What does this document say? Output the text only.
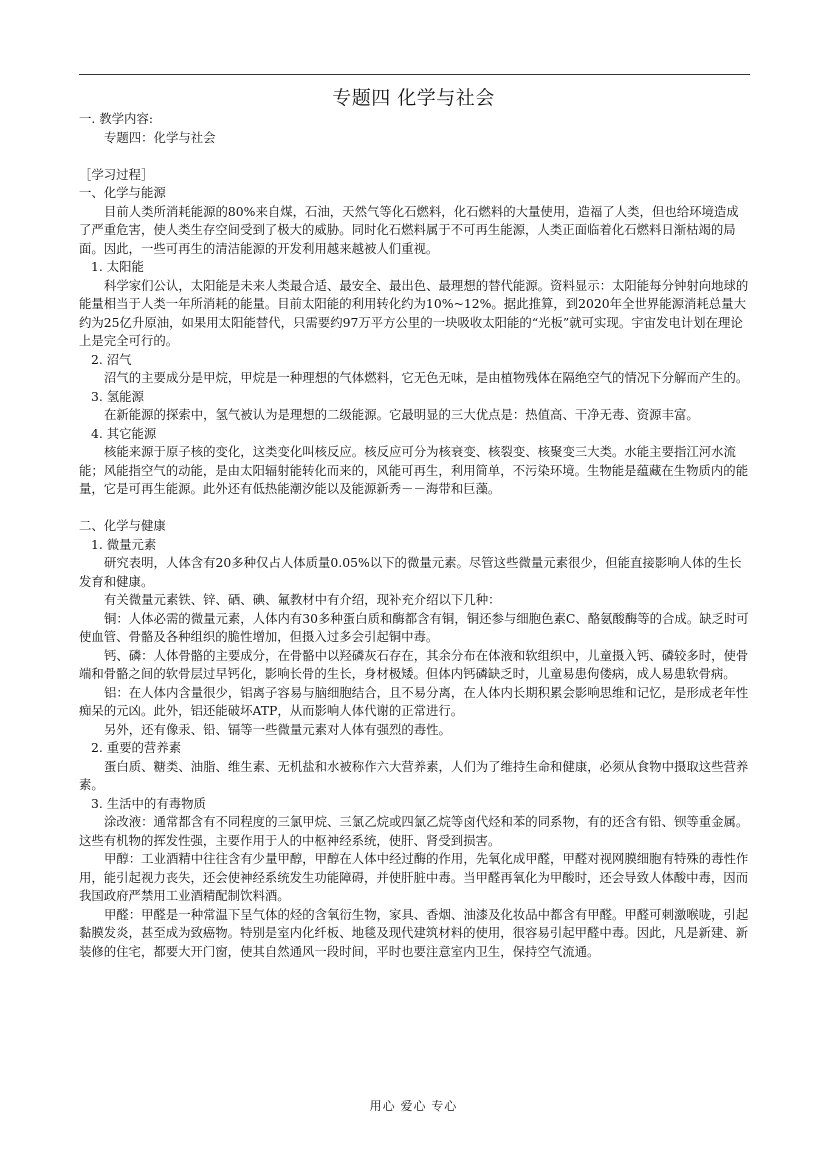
专题四 化学与社会

一. 教学内容:

专题四：化学与社会

［学习过程］

一、化学与能源

目前人类所消耗能源的80%来自煤，石油，天然气等化石燃料，化石燃料的大量使用，造福了人类，但也给环境造成了严重危害，使人类生存空间受到了极大的威胁。同时化石燃料属于不可再生能源，人类正面临着化石燃料日渐枯竭的局面。因此，一些可再生的清洁能源的开发利用越来越被人们重视。

1. 太阳能

科学家们公认，太阳能是未来人类最合适、最安全、最出色、最理想的替代能源。资料显示：太阳能每分钟射向地球的能量相当于人类一年所消耗的能量。目前太阳能的利用转化约为10%~12%。据此推算，到2020年全世界能源消耗总量大约为25亿升原油，如果用太阳能替代，只需要约97万平方公里的一块吸收太阳能的“光板”就可实现。宇宙发电计划在理论上是完全可行的。

2. 沼气

沼气的主要成分是甲烷，甲烷是一种理想的气体燃料，它无色无味，是由植物残体在隔绝空气的情况下分解而产生的。

3. 氢能源

在新能源的探索中，氢气被认为是理想的二级能源。它最明显的三大优点是：热值高、干净无毒、资源丰富。

4. 其它能源

核能来源于原子核的变化，这类变化叫核反应。核反应可分为核衰变、核裂变、核聚变三大类。水能主要指江河水流能；风能指空气的动能，是由太阳辐射能转化而来的，风能可再生，利用简单，不污染环境。生物能是蕴藏在生物质内的能量，它是可再生能源。此外还有低热能潮汐能以及能源新秀－－海带和巨藻。

二、化学与健康

1. 微量元素

研究表明，人体含有20多种仅占人体质量0.05%以下的微量元素。尽管这些微量元素很少，但能直接影响人体的生长发育和健康。

有关微量元素铁、锌、硒、碘、氟教材中有介绍，现补充介绍以下几种：

铜：人体必需的微量元素，人体内有30多种蛋白质和酶都含有铜，铜还参与细胞色素C、酪氨酸酶等的合成。缺乏时可使血管、骨骼及各种组织的脆性增加，但摄入过多会引起铜中毒。

钙、磷：人体骨骼的主要成分，在骨骼中以羟磷灰石存在，其余分布在体液和软组织中，儿童摄入钙、磷较多时，使骨端和骨骼之间的软骨层过早钙化，影响长骨的生长，身材极矮。但体内钙磷缺乏时，儿童易患佝偻病，成人易患软骨病。

铝：在人体内含量很少，铝离子容易与脑细胞结合，且不易分离，在人体内长期积累会影响思维和记忆，是形成老年性痴呆的元凶。此外，铝还能破坏ATP，从而影响人体代谢的正常进行。

另外，还有像汞、铅、镉等一些微量元素对人体有强烈的毒性。

2. 重要的营养素

蛋白质、糖类、油脂、维生素、无机盐和水被称作六大营养素，人们为了维持生命和健康，必须从食物中摄取这些营养素。

3. 生活中的有毒物质

涂改液：通常都含有不同程度的三氯甲烷、三氯乙烷或四氯乙烷等卤代烃和苯的同系物，有的还含有铅、钡等重金属。这些有机物的挥发性强，主要作用于人的中枢神经系统，使肝、肾受到损害。

甲醇：工业酒精中往往含有少量甲醇，甲醇在人体中经过酶的作用，先氧化成甲醛，甲醛对视网膜细胞有特殊的毒性作用，能引起视力丧失，还会使神经系统发生功能障碍，并使肝脏中毒。当甲醛再氧化为甲酸时，还会导致人体酸中毒，因而我国政府严禁用工业酒精配制饮料酒。

甲醛：甲醛是一种常温下呈气体的烃的含氧衍生物，家具、香烟、油漆及化妆品中都含有甲醛。甲醛可刺激喉咙，引起黏膜发炎，甚至成为致癌物。特别是室内化纤板、地毯及现代建筑材料的使用，很容易引起甲醛中毒。因此，凡是新建、新装修的住宅，都要大开门窗，使其自然通风一段时间，平时也要注意室内卫生，保持空气流通。

用心 爱心 专心
